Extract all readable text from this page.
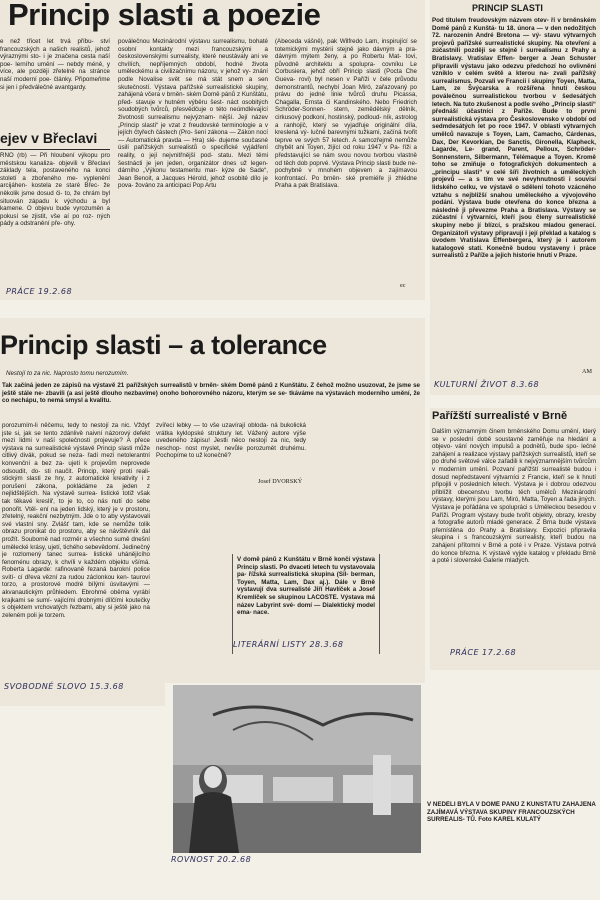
Princip slasti a poezie
e než třicet let trvá příbu- ství francouzských a našich realistů, jehož výraznými sto- i je značena cesta naší poe- lerního umění — nebdy méně, y více, ale později zřetelně na stránce naší moderní poe- články. Připomeňme si jen i předválečné avantgardy.
ejev v Břeclavi
RNO (rb) — Při hloubení výkopu pro městskou kanaliza- objevili v Břeclavi základy tela, postaveného na konci století a zbořeného me- vyplenění arcijáhen- kostela ze staré Břec- že několik jsme dosud či- to, že chrám byl situován západu k východu a byl kamene. O objevu bude vyrozuměn a pokusí se zjistit, vše aí po roz- ných pády a odstranění pře- ohy.
PRÁCE 19.2.68
poválečnou Mezinárodní výstavu surrealismu, bohaté osobní kontakty mezi francouzskými a československými surrealisty, které neustávaly ani ve chvílích, nepříjemných období, hodné života uměleckému a civilizačnímu názoru, v jehož vy- znání podle Novalise svět se má stát snem a sen skutečností. Výstava pařížské surrealistické skupiny, zahájená včera v brněn- ském Domě pánů z Kunštátu, před- stavuje v hutném výběru šest- náct osobitých soudobých tvůrců, přesvědčuje o této neúmdlévající životnosti surrealismu nejvýznam- nější. Její název „Princip slasti“ je vzat z freudovské terminologie a v jejích čtyřech částech (Pro- šení zákona — Zákon nocí — Automatická pravda — Hra) slé- dujeme současné úsilí pařížských surrealistů o specifické vyjádření reality, o její nejvnitřnější pod- statu. Mezi těmi šestnácti je jen jeden, organizátor dnes už legen- dárního „Výkonu testamentu mar- kýze de Sade“, Jean Benoit, a Jacques Hérold, jehož osobité dílo je pova- žováno za anticipaci Pop Artu
(Abeceda vášně), pak Wilfredo Lam, inspirující se totemickými mystérii stejně jako dávným a pra- dávným mýtem ženy, a po Robertu Mat- tovi, původně architektu a spolupra- covníku Le Corbusiera, jehož obří Princip slasti (Pocta Che Gueva- rovi) byl nesen v Paříži v čele průvodu demonstrantů, nechybí Joan Miró, zařazovaný po právu do jedné linie tvůrců druhu Picassa, Chagalla, Ernsta či Kandinského. Nebo Friedrich Schröder-Sonnen- stern, zemědělský dělník, cirkusový podkoní, hostinský, podloud- ník, astrolog a ranhojič, který se vyjadřuje originální díla, kreslená vý- lučně barevnými tužkami, začíná tvořit teprve ve svých 57 letech. A samozřejmě nemůže chybět ani Toyen, žijící od roku 1947 v Pa- říži a představující se nám svou novou tvorbou vlastně od těch dob poprvé. Výstava Princip slasti bude ne- pochybně v mnohém objevem a zajímavou konfrontací. Po brněn- ské premiéře ji zhlédne Praha a pak Bratislava.
ec
PRINCIP SLASTI
Pod titulem freudovským názvem otev- ří v brněnském Domě pánů z Kunštá- tu 18. února — v den nedožitých 72. narozenin André Bretona — vý- stavu výtvarných projevů pařížské surrealistické skupiny. Na otevření a zúčastnili později se stejně i surrealismu z Prahy a Bratislavy. Vratislav Effen- berger a Jean Schuster připravili výstavu jako odezvu předchozí ho ovlivnění vzniklo v celém světě a kterou na- zvali pařížský surrealismus. Pozvali ve Francii i skupiny Toyen, Matta, Lam, ze Švýcarska a rozšířena hnutí českou poválečnou surrealistickou tvorbou v šedesátých letech. Na tuto zkušenost a podle svého „Princip slasti“ přednáší účastníci z Paříže. Bude to první surrealistická výstava pro Československo v období od sedmdesátých let po roce 1947. V oblasti výtvarných umělců navazuje s Toyen, Lam, Camacho, Cárdenas, Dax, Der Kevorkian, De Sanctis, Gironella, Klapheck, Lagarde, Le- grand, Parent, Pelloux, Schröder- Sonnenstern, Silbermann, Télémaque a Toyen. Kromě toho se zmiňuje o fotografických dokumentech a „principu slasti“ v celé šíři životních a uměleckých projevů — a s tím ve své nevyhnutnosti i souvisí lidského celku, ve výstavě o sdělení tohoto vzácného vztahu s nejbližší snahou uměleckého a vývojového podání. Výstava bude otevřena do konce března a následně ji převezme Praha a Bratislava. Výstavy se zúčastní i výtvarníci, kteří jsou členy surrealistické skupiny nebo jí blízcí, s pražskou mladou generací. Organizátoři výstavy připravují i její překlad a katalog s úvodem Vratislava Effenbergera, který je i autorem katalogové stati. Konečně budou vystaveny i práce surrealistů z Paříže a jejich historie hnutí v Praze.
KULTURNÍ ŽIVOT 8.3.68
AM
Princip slasti – a tolerance
Nestojí to za nic. Naprosto tomu nerozumím.
Tak začíná jeden ze zápisů na výstavě 21 pařížských surrealistů v brněn- ském Domě pánů z Kunštátu. Z čehož možno usuzovat, že jsme se ještě stále ne- zbavili (a asi ještě dlouho nezbavíme) onoho bohorovného názoru, kterým se se- tkáváme na výstavách moderního umění, že co nechápu, to nemá smysl a kvalitu.
porozumím-li něčemu, tedy to nestojí za nic. Vždyť jste si, jak se tento zdánlivě naivní názorový defekt mezi lidmi v naší společnosti projevuje? A přece výstava na surrealistické výstavě Princip slasti může citlivý divák, pokud se neza- řadí mezi netolerantní konvenční a bez za- ujetí k projevům neprovede odsoudit, do- sti naučit. Princip, který proti reali- stickým slasti ze hry, z automatické kreativity i z porušení zákona, pokládáme za jeden z nejlidštějších. Na výstavě surrea- listické totiž však tak těkavé kreslíř, to je to, co nás nutí do sebe ponořit. Vtěl- ení na jeden lidský, který je v prostoru, zřetelný, reakční nezbytným. Jde o to aby vystavovali své vlastní sny. Zvlášť tam, kde se nemůže tolik obrazu pronikat do prostoru, aby se návštěvník dal prožít. Souborně nad rozměr a všechno sumě dnešní umělecké krásy, ujetí, tichého sebevědomí. Jedinečný je rozlomený tanec surrea- listické uhánějícího fenoménu obrazy, k chvíli v každém objektu všímá. Roberta Lagarde: rafinovaně řezaná barokní police svítí- cí dřeva vězní za rudou záclonkou ken- tauroví torzo, a prostorové modré bílými úsvitavými — akvanautickým průhledem. Ebrohmé oběma vyrábí krajkami se sumí- vajícími drobnými dílčími koutečky s objektem vrchovatých řezbami, aby si ještě jako na zeleném poli je torzem.
zvířecí lebky — to vše uzavírají obloda- ná bukolická vrátka kyklopské struktury let. Vážený autore výše uvedeného zápisu! Jestli něco nestojí za nic, tedy neschop- nost myslet, nevůle porozumět druhému. Pochopíme to už konečně?
Josef DVORSKÝ
SVOBODNÉ SLOVO 15.3.68
V domě pánů z Kunštátu v Brně končí výstava Princip slasti. Po dvaceti letech tu vystavovala pa- řížská surrealistická skupina (Sil- berman, Toyen, Matta, Lam, Dax aj.). Dále v Brně vystavují dva surrealisté Jiří Havlíček a Josef Kremlíček se skupinou LACOSTE. Výstava má název Labyrint své- domí — Dialektický model ema- nace.
LITERÁRNÍ LISTY 28.3.68
Pařížští surrealisté v Brně
Dalším významným činem brněnského Domu umění, který se v poslední době soustavně zaměřuje na hledání a objevo- vání nových impulsů a podnětů, bude spo- lečné zahájení a realizace výstavy pařížských surrealistů, kteří se po druhé světové válce zařadili k nejvýznamnějším tvůrcům v moderním umění. Pozvaní pařížští surrealisté budou i dosud nepředstavení výtvarníci z Francie, kteří se k hnutí připojili v posledních letech. Výstava je i dobrou odezvou přiblížit obecenstvu tvorbu těch umělců Mezinárodní výstavy, kterými jsou Lam, Miró, Matta, Toyen a řada jiných. Výstava je pořádána ve spolupráci s Uměleckou besedou v Paříži. Program výstavy bude tvořit objekty, obrazy, kresby a fotografie autorů mladé generace. Z Brna bude výstava přemístěna do Prahy a Bratislavy. Expozici připravila skupina i s francouzskými surrealisty, kteří budou na zahájení přítomni v Brně a poté i v Praze. Výstava potrvá do konce března. K výstavě vyjde katalog v překladu Brně a poté i slovenské Galerie mladých.
PRÁCE 17.2.68
V NEDĚLI BYLA V DOMĚ PÁNŮ Z KUNŠTÁTU ZAHÁJENA ZAJÍMAVÁ VÝSTAVA SKUPINY FRANCOUZSKÝCH SURREALIS- TŮ. Foto KAREL KULATÝ
ROVNOST 20.2.68
